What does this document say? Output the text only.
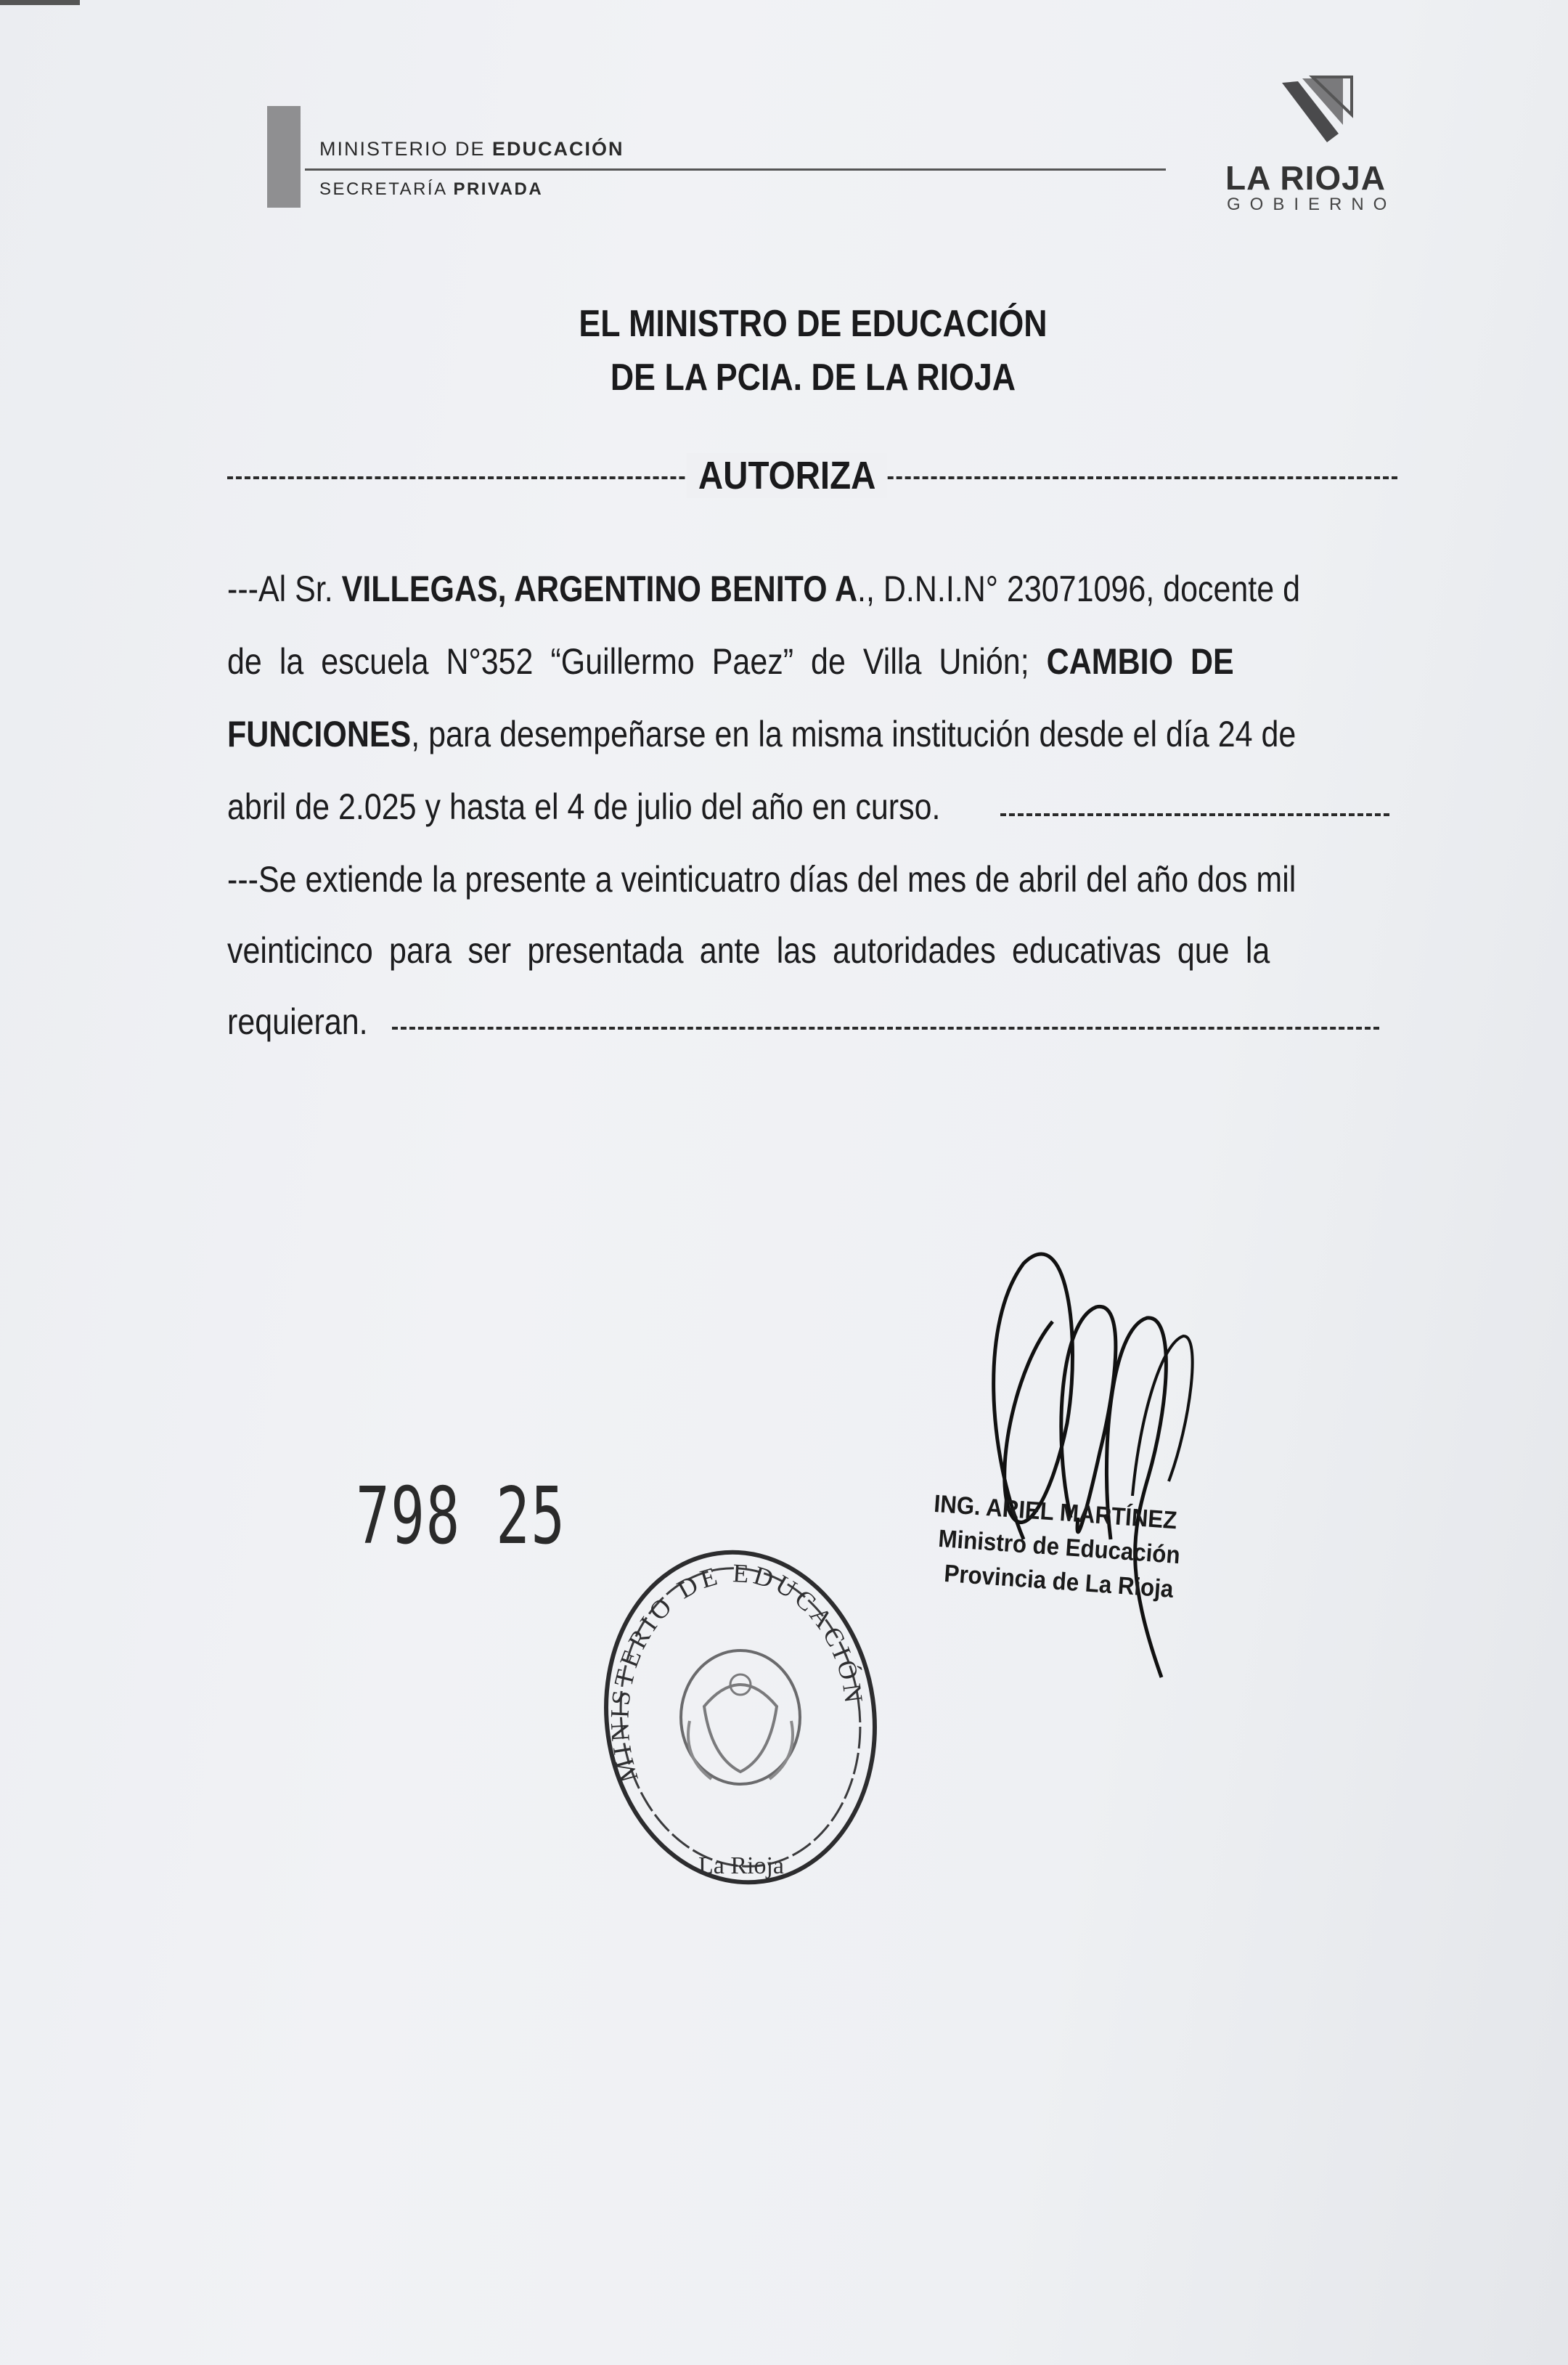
MINISTERIO DE EDUCACIÓN
SECRETARÍA PRIVADA	LA RIOJA
GOBIERNO
EL MINISTRO DE EDUCACIÓN
DE LA PCIA. DE LA RIOJA
AUTORIZA
---Al Sr. VILLEGAS, ARGENTINO BENITO A., D.N.I.N° 23071096, docente d
de la escuela N°352 “Guillermo Paez” de Villa Unión; CAMBIO DE
FUNCIONES, para desempeñarse en la misma institución desde el día 24 de
abril de 2.025 y hasta el 4 de julio del año en curso.
---Se extiende la presente a veinticuatro días del mes de abril del año dos mil
veinticinco para ser presentada ante las autoridades educativas que la
requieran.
798 25
MINISTERIO DE EDUCACIÓN
La Rioja
ING. ARIEL MARTÍNEZ
Ministro de Educación
Provincia de La Rioja
